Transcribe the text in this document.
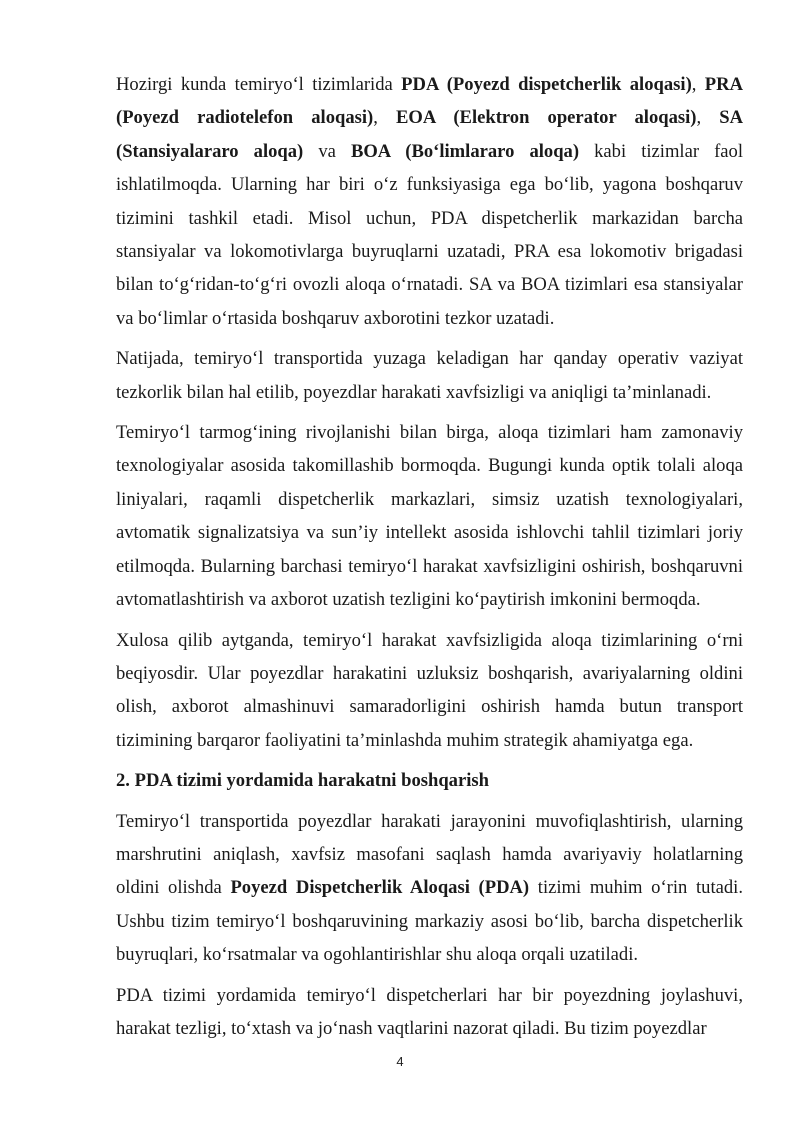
Hozirgi kunda temiryo‘l tizimlarida PDA (Poyezd dispetcherlik aloqasi), PRA (Poyezd radiotelefon aloqasi), EOA (Elektron operator aloqasi), SA (Stansiyalararo aloqa) va BOA (Bo‘limlararo aloqa) kabi tizimlar faol ishlatilmoqda. Ularning har biri o‘z funksiyasiga ega bo‘lib, yagona boshqaruv tizimini tashkil etadi. Misol uchun, PDA dispetcherlik markazidan barcha stansiyalar va lokomotivlarga buyruqlarni uzatadi, PRA esa lokomotiv brigadasi bilan to‘g‘ridan-to‘g‘ri ovozli aloqa o‘rnatadi. SA va BOA tizimlari esa stansiyalar va bo‘limlar o‘rtasida boshqaruv axborotini tezkor uzatadi.

Natijada, temiryo‘l transportida yuzaga keladigan har qanday operativ vaziyat tezkorlik bilan hal etilib, poyezdlar harakati xavfsizligi va aniqligi ta’minlanadi.

Temiryo‘l tarmog‘ining rivojlanishi bilan birga, aloqa tizimlari ham zamonaviy texnologiyalar asosida takomillashib bormoqda. Bugungi kunda optik tolali aloqa liniyalari, raqamli dispetcherlik markazlari, simsiz uzatish texnologiyalari, avtomatik signalizatsiya va sun’iy intellekt asosida ishlovchi tahlil tizimlari joriy etilmoqda. Bularning barchasi temiryo‘l harakat xavfsizligini oshirish, boshqaruvni avtomatlashtirish va axborot uzatish tezligini ko‘paytirish imkonini bermoqda.

Xulosa qilib aytganda, temiryo‘l harakat xavfsizligida aloqa tizimlarining o‘rni beqiyosdir. Ular poyezdlar harakatini uzluksiz boshqarish, avariyalarning oldini olish, axborot almashinuvi samaradorligini oshirish hamda butun transport tizimining barqaror faoliyatini ta’minlashda muhim strategik ahamiyatga ega.

2. PDA tizimi yordamida harakatni boshqarish

Temiryo‘l transportida poyezdlar harakati jarayonini muvofiqlashtirish, ularning marshrutini aniqlash, xavfsiz masofani saqlash hamda avariyaviy holatlarning oldini olishda Poyezd Dispetcherlik Aloqasi (PDA) tizimi muhim o‘rin tutadi. Ushbu tizim temiryo‘l boshqaruvining markaziy asosi bo‘lib, barcha dispetcherlik buyruqlari, ko‘rsatmalar va ogohlantirishlar shu aloqa orqali uzatiladi.

PDA tizimi yordamida temiryo‘l dispetcherlari har bir poyezdning joylashuvi, harakat tezligi, to‘xtash va jo‘nash vaqtlarini nazorat qiladi. Bu tizim poyezdlar

4
